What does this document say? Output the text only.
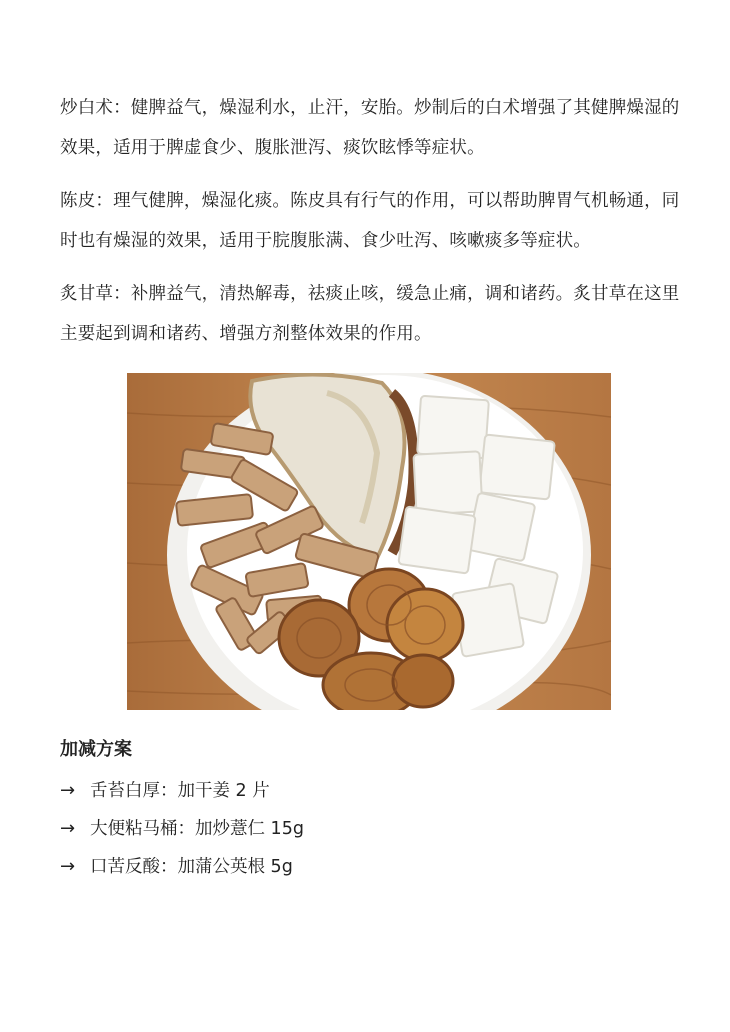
炒白术：健脾益气，燥湿利水，止汗，安胎。炒制后的白术增强了其健脾燥湿的效果，适用于脾虚食少、腹胀泄泻、痰饮眩悸等症状。

陈皮：理气健脾，燥湿化痰。陈皮具有行气的作用，可以帮助脾胃气机畅通，同时也有燥湿的效果，适用于脘腹胀满、食少吐泻、咳嗽痰多等症状。

炙甘草：补脾益气，清热解毒，祛痰止咳，缓急止痛，调和诸药。炙甘草在这里主要起到调和诸药、增强方剂整体效果的作用。

加减方案
→ 舌苔白厚：加干姜 2 片
→ 大便粘马桶：加炒薏仁 15g
→ 口苦反酸：加蒲公英根 5g
